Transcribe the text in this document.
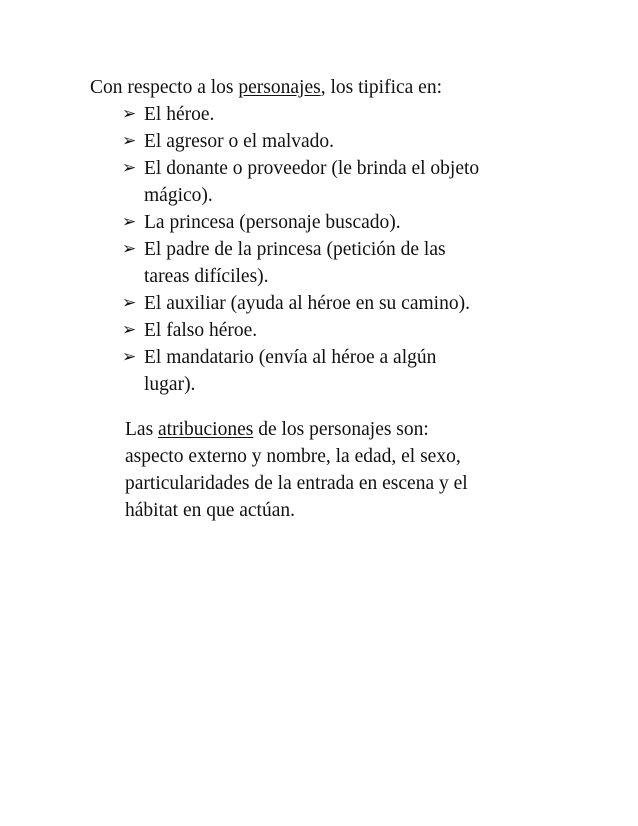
Con respecto a los personajes, los tipifica en:
➢ El héroe.
➢ El agresor o el malvado.
➢ El donante o proveedor (le brinda el objeto
mágico).
➢ La princesa (personaje buscado).
➢ El padre de la princesa (petición de las
tareas difíciles).
➢ El auxiliar (ayuda al héroe en su camino).
➢ El falso héroe.
➢ El mandatario (envía al héroe a algún
lugar).

Las atribuciones de los personajes son:
aspecto externo y nombre, la edad, el sexo,
particularidades de la entrada en escena y el
hábitat en que actúan.
